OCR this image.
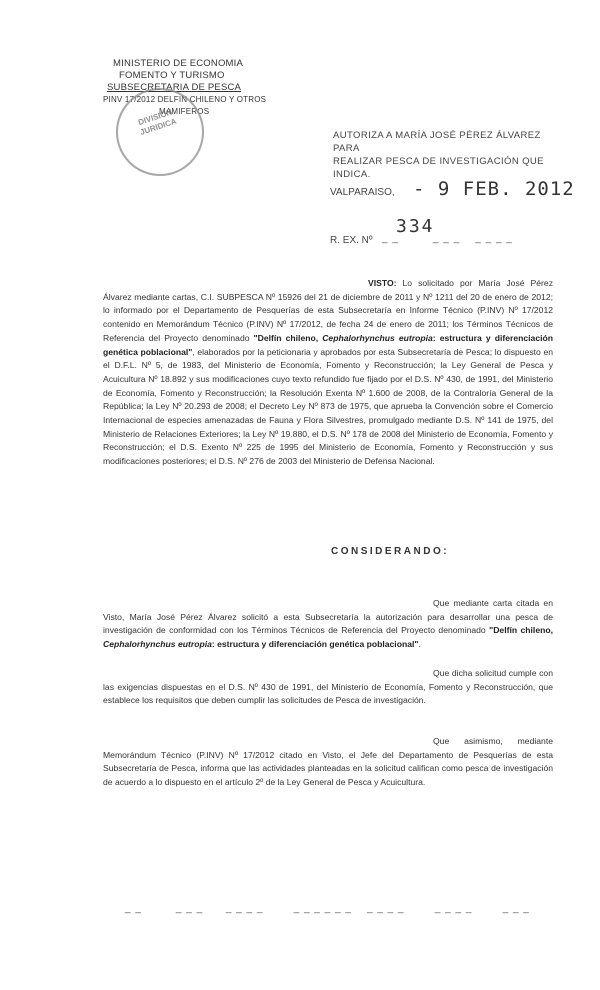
MINISTERIO DE ECONOMIA
FOMENTO Y TURISMO
SUBSECRETARIA DE PESCA
PINV 17/2012 DELFIN CHILENO Y OTROS
MAMIFEROS
DIVISION JURIDICA	AUTORIZA A MARÍA JOSÉ PÉREZ ÁLVAREZ PARA
REALIZAR PESCA DE INVESTIGACIÓN QUE INDICA.
VALPARAISO, - 9 FEB. 2012
R. EX. Nº _ _         _ _ _    _ _ _ _
334
VISTO: Lo solicitado por María José Pérez Álvarez mediante cartas, C.I. SUBPESCA Nº 15926 del 21 de diciembre de 2011 y Nº 1211 del 20 de enero de 2012; lo informado por el Departamento de Pesquerías de esta Subsecretaría en Informe Técnico (P.INV) Nº 17/2012 contenido en Memorándum Técnico (P.INV) Nº 17/2012, de fecha 24 de enero de 2011; los Términos Técnicos de Referencia del Proyecto denominado "Delfín chileno, Cephalorhynchus eutropia: estructura y diferenciación genética poblacional", elaborados por la peticionaria y aprobados por esta Subsecretaría de Pesca; lo dispuesto en el D.F.L. Nº 5, de 1983, del Ministerio de Economía, Fomento y Reconstrucción; la Ley General de Pesca y Acuicultura Nº 18.892 y sus modificaciones cuyo texto refundido fue fijado por el D.S. Nº 430, de 1991, del Ministerio de Economía, Fomento y Reconstrucción; la Resolución Exenta Nº 1.600 de 2008, de la Contraloría General de la República; la Ley Nº 20.293 de 2008; el Decreto Ley Nº 873 de 1975, que aprueba la Convención sobre el Comercio Internacional de especies amenazadas de Fauna y Flora Silvestres, promulgado mediante D.S. Nº 141 de 1975, del Ministerio de Relaciones Exteriores; la Ley Nº 19.880, el D.S. Nº 178 de 2008 del Ministerio de Economía, Fomento y Reconstrucción; el D.S. Exento Nº 225 de 1995 del Ministerio de Economía, Fomento y Reconstrucción y sus modificaciones posteriores; el D.S. Nº 276 de 2003 del Ministerio de Defensa Nacional.
CONSIDERANDO:
Que mediante carta citada en Visto, María José Pérez Álvarez solicitó a esta Subsecretaría la autorización para desarrollar una pesca de investigación de conformidad con los Términos Técnicos de Referencia del Proyecto denominado "Delfín chileno, Cephalorhynchus eutropia: estructura y diferenciación genética poblacional".
Que dicha solicitud cumple con las exigencias dispuestas en el D.S. Nº 430 de 1991, del Ministerio de Economía, Fomento y Reconstrucción, que establece los requisitos que deben cumplir las solicitudes de Pesca de investigación.
Que asimismo, mediante Memorándum Técnico (P.INV) Nº 17/2012 citado en Visto, el Jefe del Departamento de Pesquerías de esta Subsecretaría de Pesca, informa que las actividades planteadas en la solicitud califican como pesca de investigación de acuerdo a lo dispuesto en el artículo 2º de la Ley General de Pesca y Acuicultura.
_ _         _ _ _      _ _ _ _        _ _ _ _ _ _    _ _ _ _        _ _ _ _        _ _ _
